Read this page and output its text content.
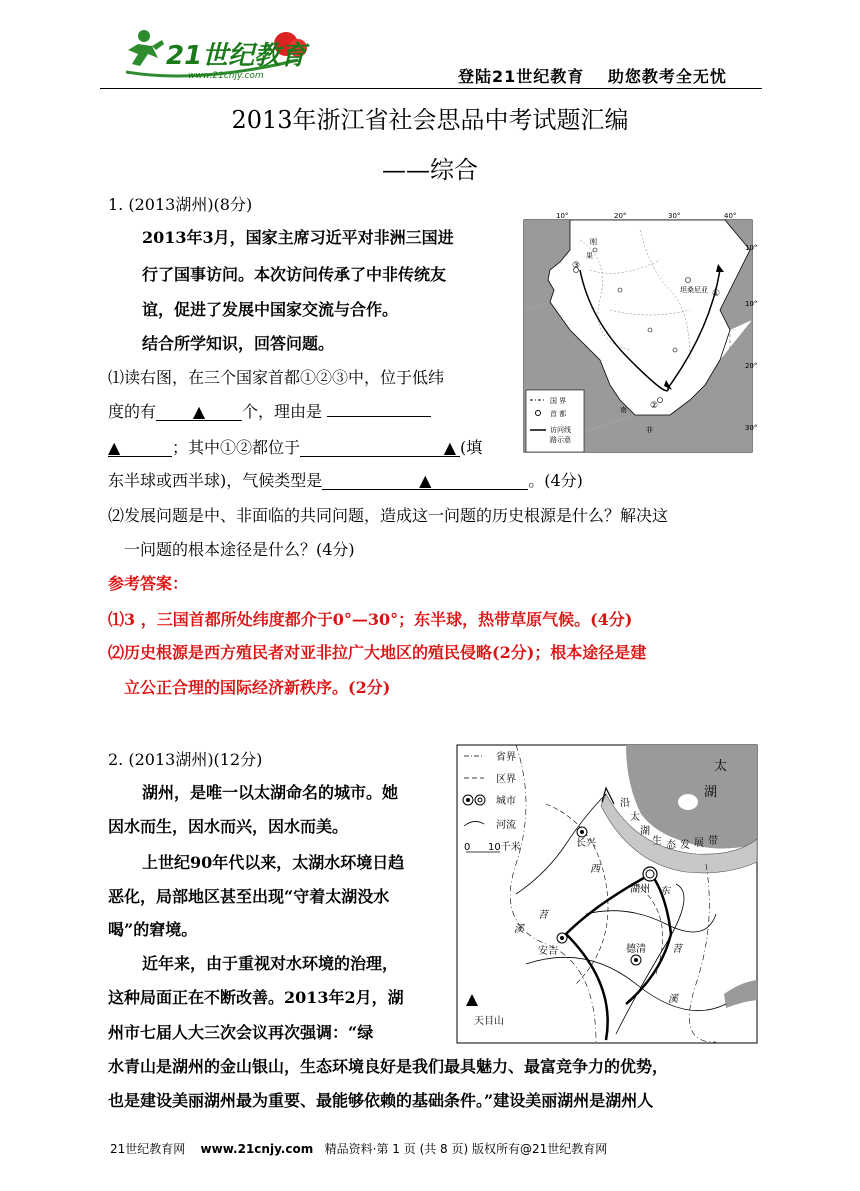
21世纪教育
www.21cnjy.com	登陆21世纪教育　 助您教考全无忧
2013年浙江省社会思品中考试题汇编
——综合
1. (2013湖州)(8分)
2013年3月，国家主席习近平对非洲三国进
行了国事访问。本次访问传承了中非传统友
谊，促进了发展中国家交流与合作。
结合所学知识，回答问题。
⑴读右图，在三个国家首都①②③中，位于低纬
度的有 ▲ 个，理由是
▲	；其中①②都位于	▲ (填
东半球或西半球)，气候类型是	▲	。(4分)
⑵发展问题是中、非面临的共同问题，造成这一问题的历史根源是什么？解决这
一问题的根本途径是什么？(4分)
参考答案：
⑴3 ，三国首都所处纬度都介于0°—30°；东半球，热带草原气候。(4分)
⑵历史根源是西方殖民者对亚非拉广大地区的殖民侵略(2分)；根本途径是建
立公正合理的国际经济新秩序。(2分)
10°	20°	30°	40°
10°
10°
20°
30°
刚
果
坦桑尼亚
南
非
③
①
②
国 界
首 都
访问线
路示意
2. (2013湖州)(12分)
湖州，是唯一以太湖命名的城市。她
因水而生，因水而兴，因水而美。
上世纪90年代以来，太湖水环境日趋
恶化，局部地区甚至出现“守着太湖没水
喝”的窘境。
近年来，由于重视对水环境的治理，
这种局面正在不断改善。2013年2月，湖
州市七届人大三次会议再次强调：“绿
水青山是湖州的金山银山，生态环境良好是我们最具魅力、最富竞争力的优势，
也是建设美丽湖州最为重要、最能够依赖的基础条件。”建设美丽湖州是湖州人
省界
区界
城市
河流
0 10千米
太
湖
沿
太
湖
生 态 发 展 带
长兴
湖州
安吉	德清
西
苕
溪
东
苕
溪
天目山
21世纪教育网 www.21cnjy.com 精品资料·第 1 页 (共 8 页) 版权所有@21世纪教育网
